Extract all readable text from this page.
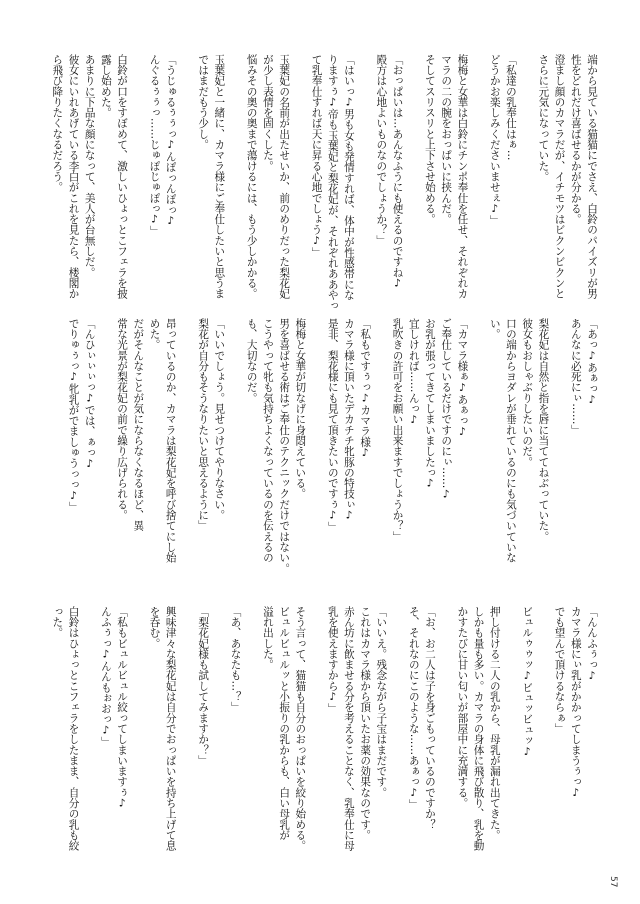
端から見ている猫猫にでさえ、白鈴のパイズリが男
性をどれだけ喜ばせるかが分かる。
澄まし顔のカマラだが、イチモツはビクンビクンと
さらに元気になっていた。

「私達の乳奉仕はぁ…
どうかお楽しみくださいませぇ♪」

梅梅と女華は白鈴にチンポ奉仕を任せ、それぞれカ
マラの二の腕をおっぱいに挟んだ。
そしてスリスリと上下させ始める。

「おっぱいは…あんなふうにも使えるのですね♪
殿方は心地よいものなのでしょうか？」

「はいっ♪男も女も発情すれば、体中が性感帯にな
りますぅ♪帝も玉葉妃と梨花妃が、それぞれああやっ
て乳奉仕すれば天に昇る心地でしょう♪」

玉葉妃の名前が出たせいか、前のめりだった梨花妃
が少し表情を固くした。
悩みその奥の奥まで蕩けるには、もう少しかかる。

玉葉妃と一緒に、カマラ様にご奉仕したいと思うま
ではまだもう少し。

「うじゅるぅぅっ♪んぽっんぽっ♪
んぐるぅぅっ……じゅぽじゅぽっ♪」

白鈴が口をすぼめて、激しいひょっとこフェラを披
露し始めた。
あまりに下品な顔になって、美人が台無しだ。
彼女にいれあげている李白がこれを見たら、楼閣か
ら飛び降りたくなるだろう。
「あっ♪あぁっ♪
あんなに必死にぃ……」

梨花妃は自然と指を唇に当ててねぶっていた。
彼女もおしゃぶりしたいのだ。
口の端からヨダレが垂れているのにも気づいていな
い。

「カマラ様ぁ♪あぁっ♪
ご奉仕しているだけですのにぃ……♪
お乳が張ってきてしまいましたっ♪
宜しければ……んっ♪
乳吹きの許可をお願い出来ますでしょうか？」

「私もですぅっ♪カマラ様♪
カマラ様に頂いたデカチチ牝豚の特技ぃ♪
是非、梨花様にも見て頂きたいのですぅ♪」

梅梅と女華が切なげに身悶えている。
男を喜ばせる術はご奉仕のテクニックだけではない。
こうやって牝も気持ちよくなっているのを伝えるの
も、大切なのだ。

「いいでしょう。見せつけてやりなさい。
梨花が自分もそうなりたいと思えるように」

昂っているのか、カマラは梨花妃を呼び捨てにし始
めた。
だがそんなことが気にならなくなるほど、異
常な光景が梨花妃の前で繰り広げられる。

「んひぃぃぃっ♪では、ぁっ♪
でりゅぅっ♪牝乳がでましゅうっっ♪」
「んんふぅっ♪
カマラ様にぃ乳がかかってしまうぅっ♪
でも望んで頂けるならぁ」

ビュルゥゥッ♪ビュッビュッ♪

押し付ける二人の乳から、母乳が漏れ出てきた。
しかも量も多い。カマラの身体に飛び散り、乳を動
かすたびに甘い匂いが部屋中に充満する。

「お、お二人は子を身ごもっているのですか？
そ、それなのにこのような……あぁっ♪」

「いいえ。残念ながら子宝はまだです。
これはカマラ様から頂いたお薬の効果なのです。
赤ん坊に飲ませる分を考えることなく、乳奉仕に母
乳を使えますから♪」

そう言って、猫猫も自分のおっぱいを絞り始める。
ビュルビュルッと小振りの乳からも、白い母乳が
溢れ出した。

「あ、あなたも…？」

「梨花妃様も試してみますか？」

興味津々な梨花妃は自分でおっぱいを持ち上げて息
を呑む。

「私もビュルビュル絞ってしまいますぅ♪
んふぅっ♪んんもぉおっ♪」

白鈴はひょっとこフェラをしたまま、自分の乳も絞
った。
57
